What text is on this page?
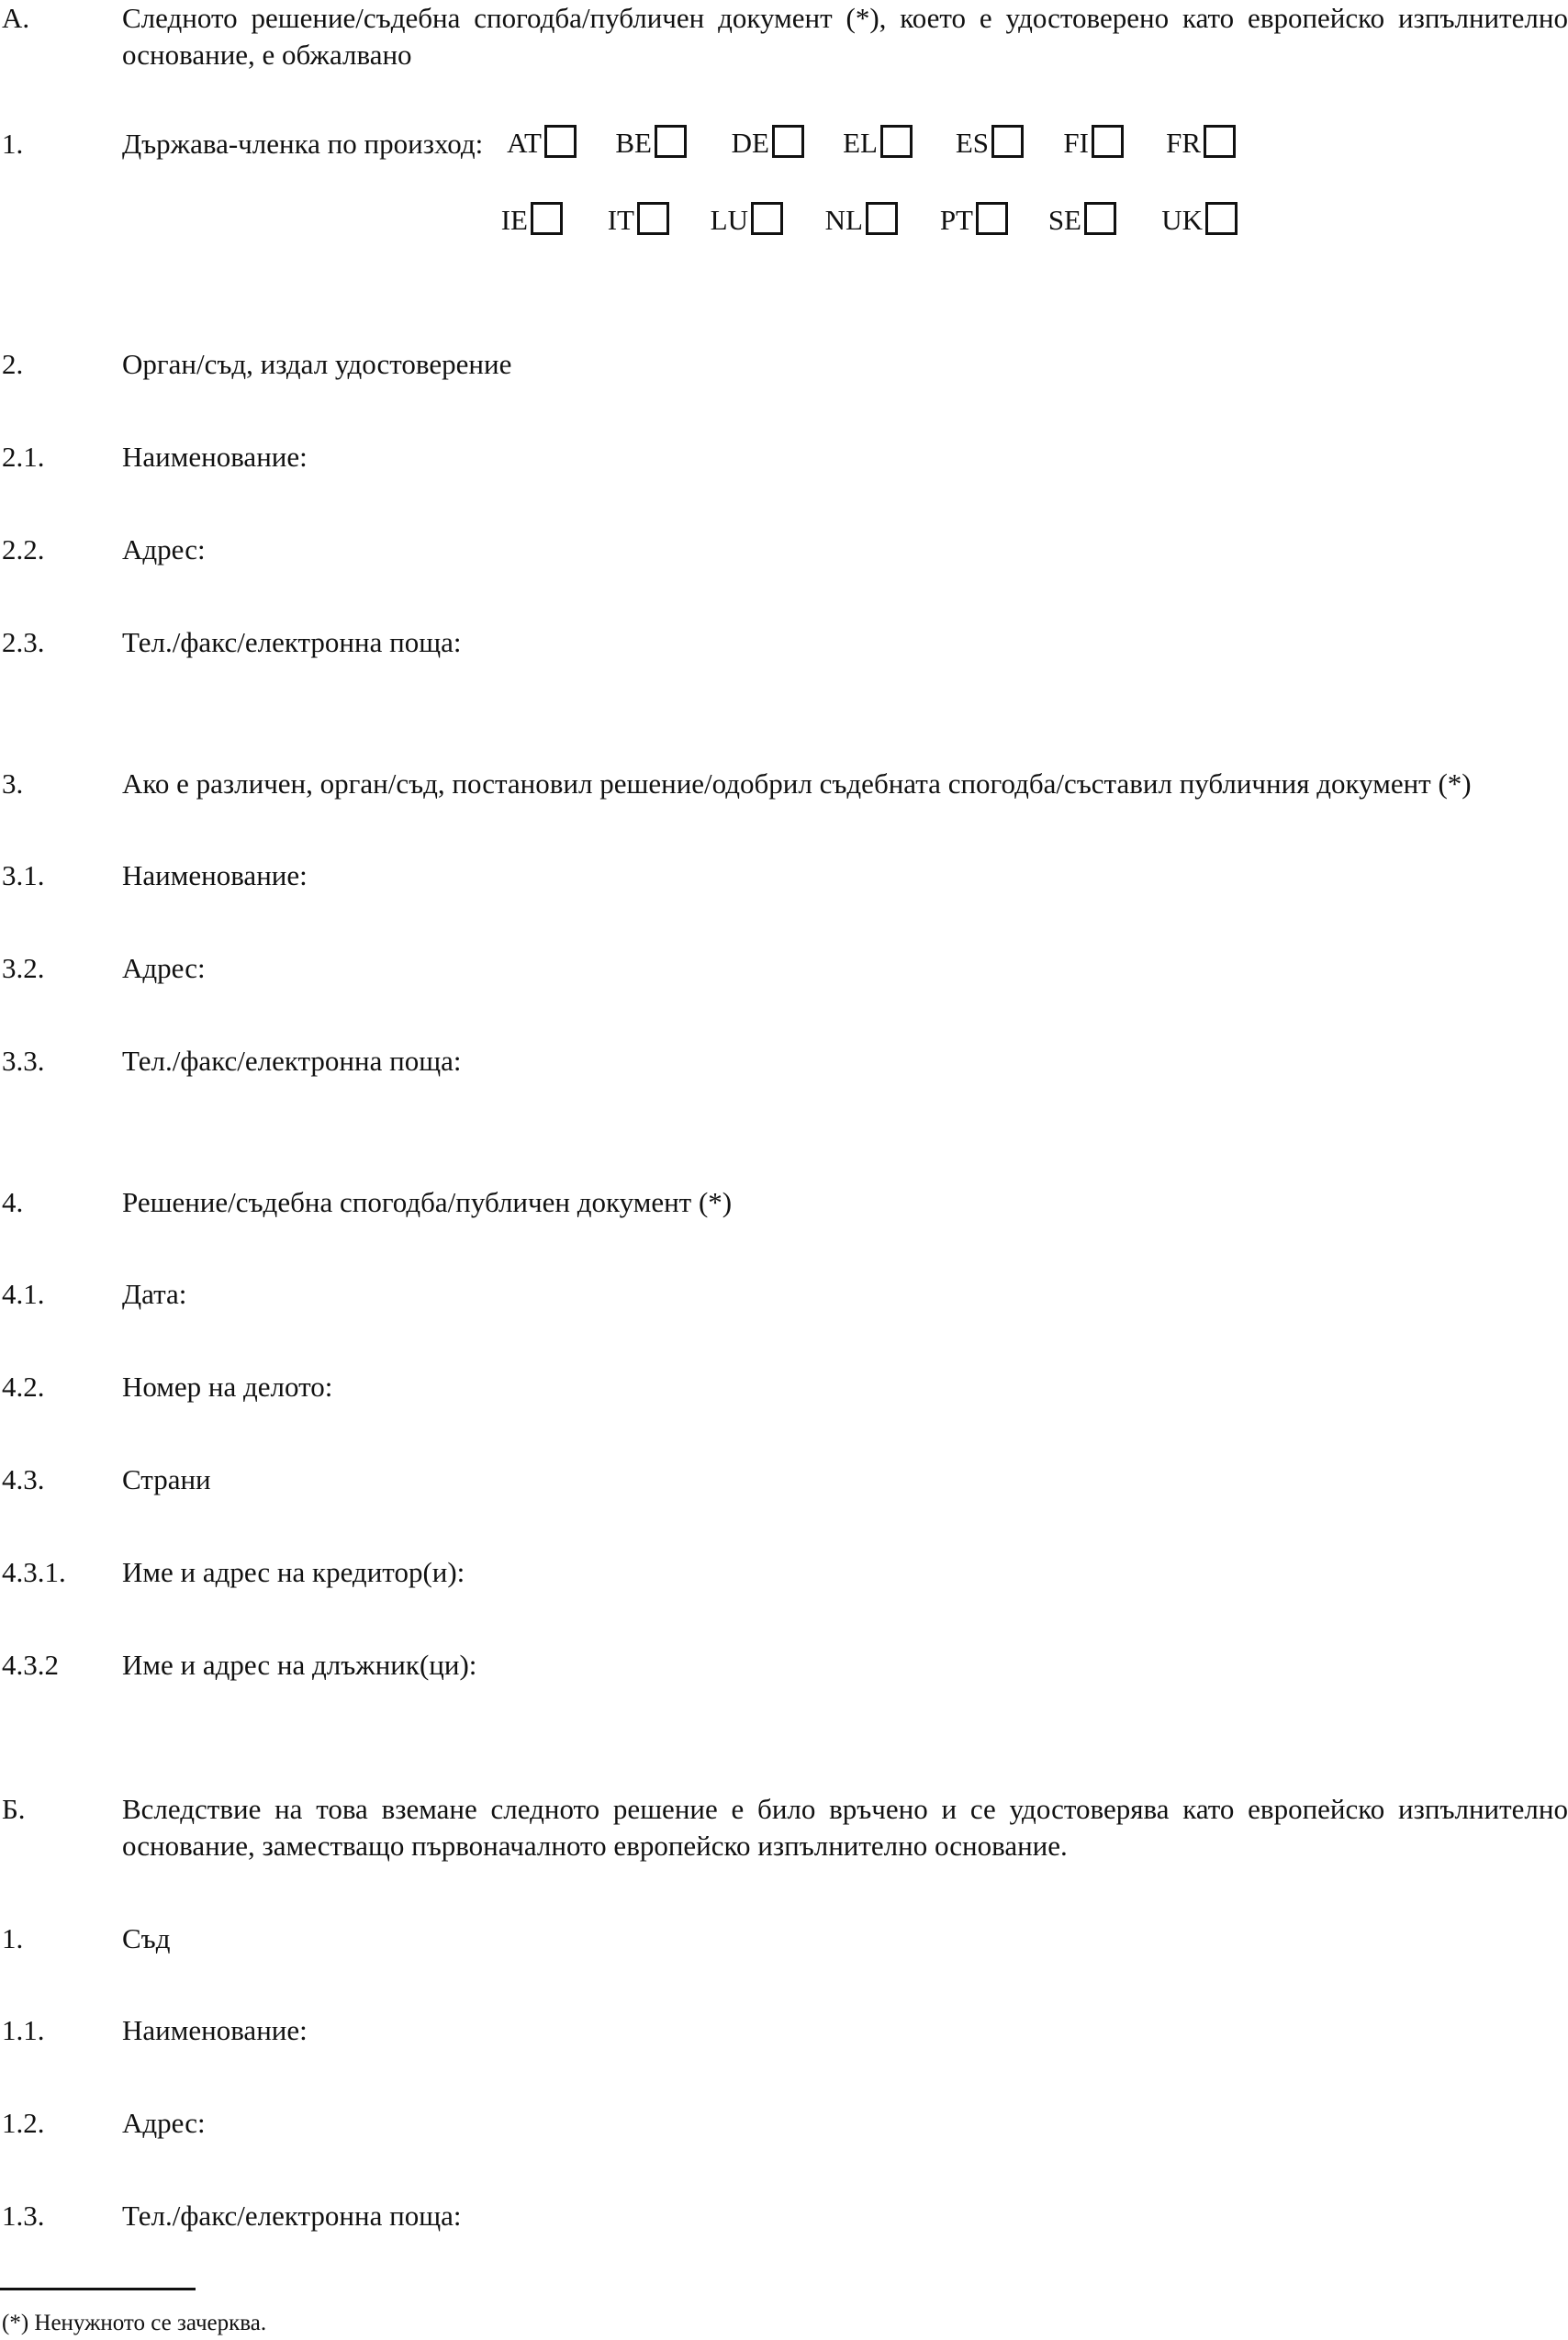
А.	Следното решение/съдебна спогодба/публичен документ (*), което е удостоверено като европейско изпълнително основание, е обжалвано
1.	Държава-членка по произход: AT	BE	DE	EL	ES	FI	FR
IE	IT	LU	NL	PT	SE	UK
2.	Орган/съд, издал удостоверение
2.1.	Наименование:
2.2.	Адрес:
2.3.	Тел./факс/електронна поща:
3.	Ако е различен, орган/съд, постановил решение/одобрил съдебната спогодба/съставил публичния документ (*)
3.1.	Наименование:
3.2.	Адрес:
3.3.	Тел./факс/електронна поща:
4.	Решение/съдебна спогодба/публичен документ (*)
4.1.	Дата:
4.2.	Номер на делото:
4.3.	Страни
4.3.1. Име и адрес на кредитор(и):
4.3.2 Име и адрес на длъжник(ци):
Б.	Вследствие на това вземане следното решение е било връчено и се удостоверява като европейско изпълнително основание, заместващо първоначалното европейско изпълнително основание.
1.	Съд
1.1.	Наименование:
1.2.	Адрес:
1.3.	Тел./факс/електронна поща:
(*) Ненужното се зачерква.
